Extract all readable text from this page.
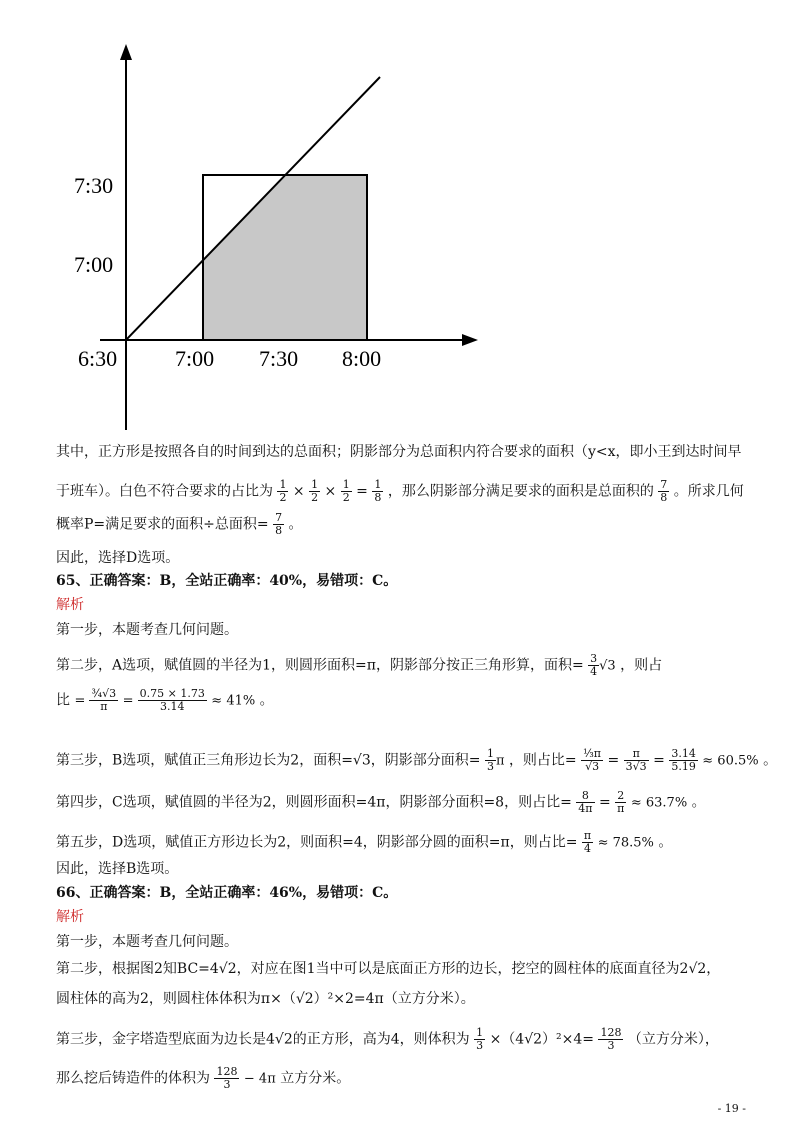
7:30
7:00
6:30	7:00 7:30 8:00
其中，正方形是按照各自的时间到达的总面积；阴影部分为总面积内符合要求的面积（y<x，即小王到达时间早
于班车）。白色不符合要求的占比为 $\frac{1}{2} \times \frac{1}{2} \times \frac{1}{2} = \frac{1}{8}$ ，那么阴影部分满足要求的面积是总面积的 $\frac{7}{8}$ 。所求几何
概率P=满足要求的面积÷总面积= $\frac{7}{8}$ 。
因此，选择D选项。
65、正确答案：B，全站正确率：40%，易错项：C。
解析
第一步，本题考查几何问题。
第二步，A选项，赋值圆的半径为1，则圆形面积=π，阴影部分按正三角形算，面积= $\frac{3}{4} √3$ ，则占
比 = $\frac{\text{¾√3}}{\pi} = \frac{0.75 \times 1.73}{3.14} \approx 41\%$ 。
第三步，B选项，赋值正三角形边长为2，面积=√3，阴影部分面积= $\frac{1}{3}$ π ，则占比= $\frac{\text{⅓π}}{√3} = \frac{\pi}{3√3} = \frac{3.14}{5.19} \approx 60.5\%$ 。
第四步，C选项，赋值圆的半径为2，则圆形面积=4π，阴影部分面积=8，则占比= $\frac{8}{4\pi} = \frac{2}{\pi} \approx 63.7\%$ 。
第五步，D选项，赋值正方形边长为2，则面积=4，阴影部分圆的面积=π，则占比= $\frac{\pi}{4} \approx 78.5\%$ 。
因此，选择B选项。
66、正确答案：B，全站正确率：46%，易错项：C。
解析
第一步，本题考查几何问题。
第二步，根据图2知BC=4√2，对应在图1当中可以是底面正方形的边长，挖空的圆柱体的底面直径为2√2，
圆柱体的高为2，则圆柱体体积为π×（√2）²×2=4π（立方分米）。
第三步，金字塔造型底面为边长是4√2的正方形，高为4，则体积为 $\frac{1}{3} \times(4√2)^2\times 4= \frac{128}{3}$ （立方分米），
那么挖后铸造件的体积为 $\frac{128}{3} - 4\pi$ 立方分米。
- 19 -
